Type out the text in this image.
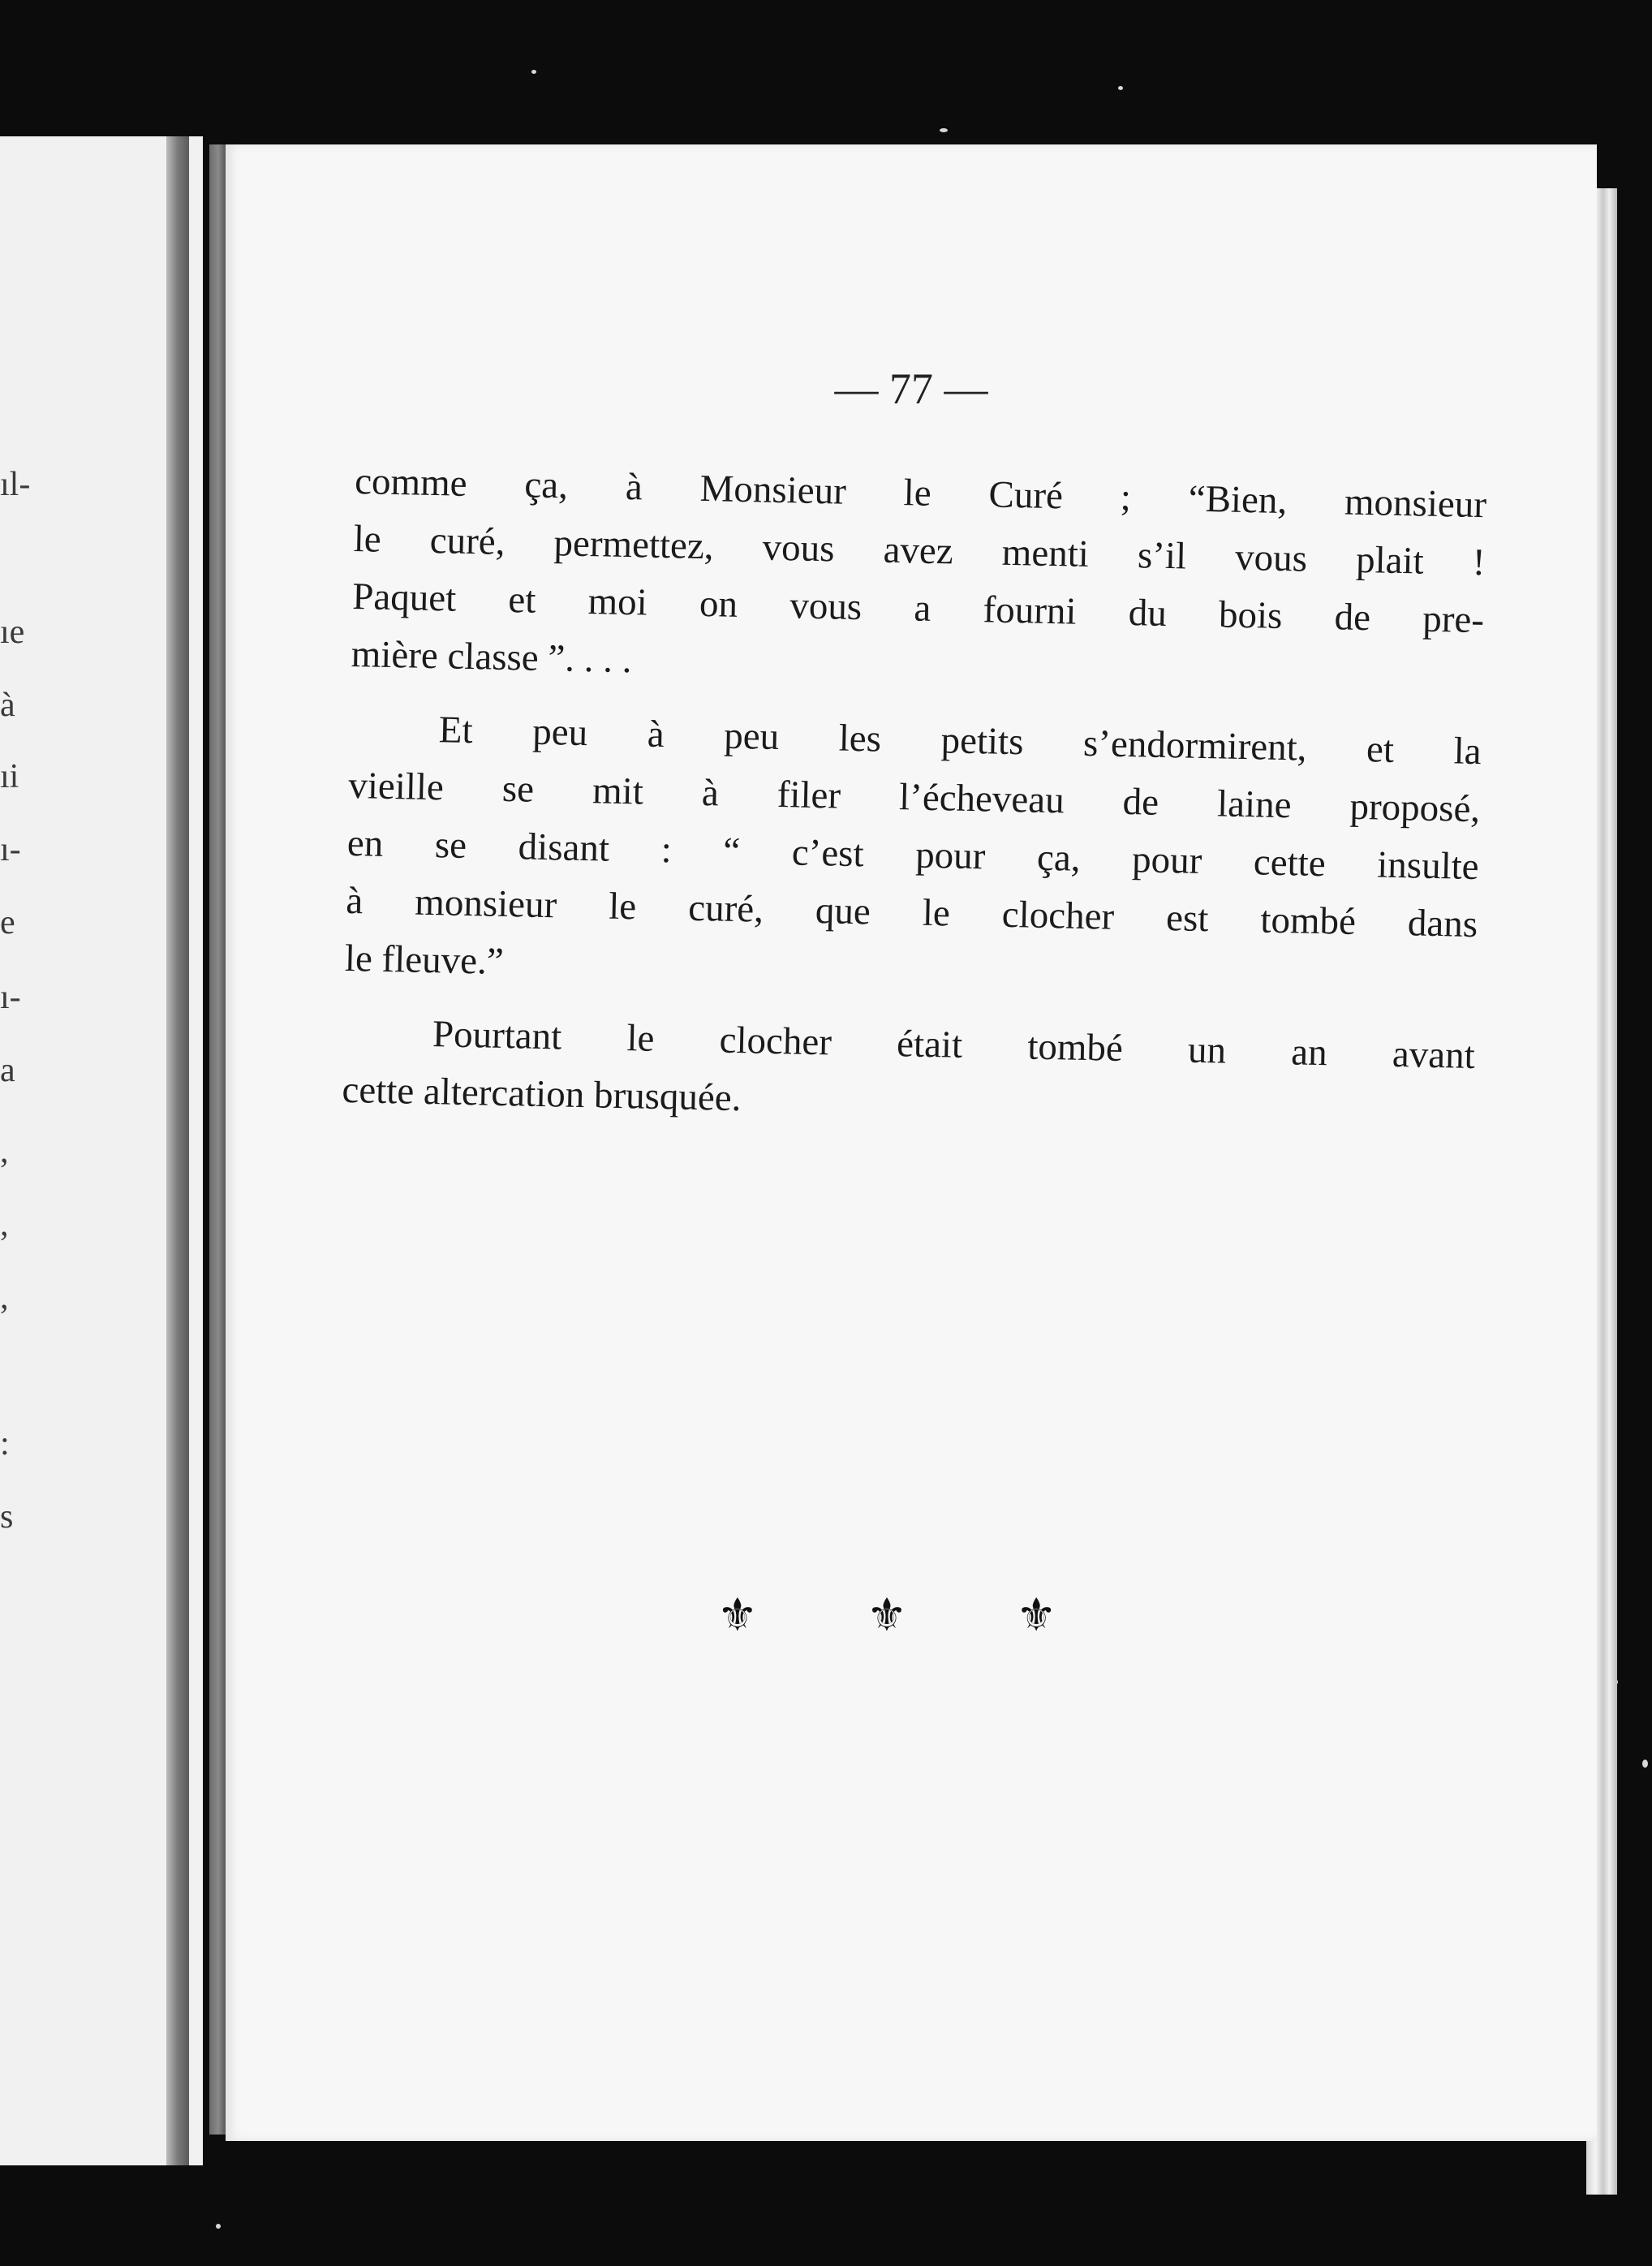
ıl-
ıe
à
ıi
ı-
e
ı-
a
,
,
,
:
s
— 77 —
comme ça, à Monsieur le Curé ; “Bien, monsieur
le curé, permettez, vous avez menti s’il vous plait !
Paquet et moi on vous a fourni du bois de pre-
mière classe ”. . . .
Et peu à peu les petits s’endormirent, et la
vieille se mit à filer l’écheveau de laine proposé,
en se disant : “ c’est pour ça, pour cette insulte
à monsieur le curé, que le clocher est tombé dans
le fleuve.”
Pourtant le clocher était tombé un an avant
cette altercation brusquée.
⚜ ⚜ ⚜
